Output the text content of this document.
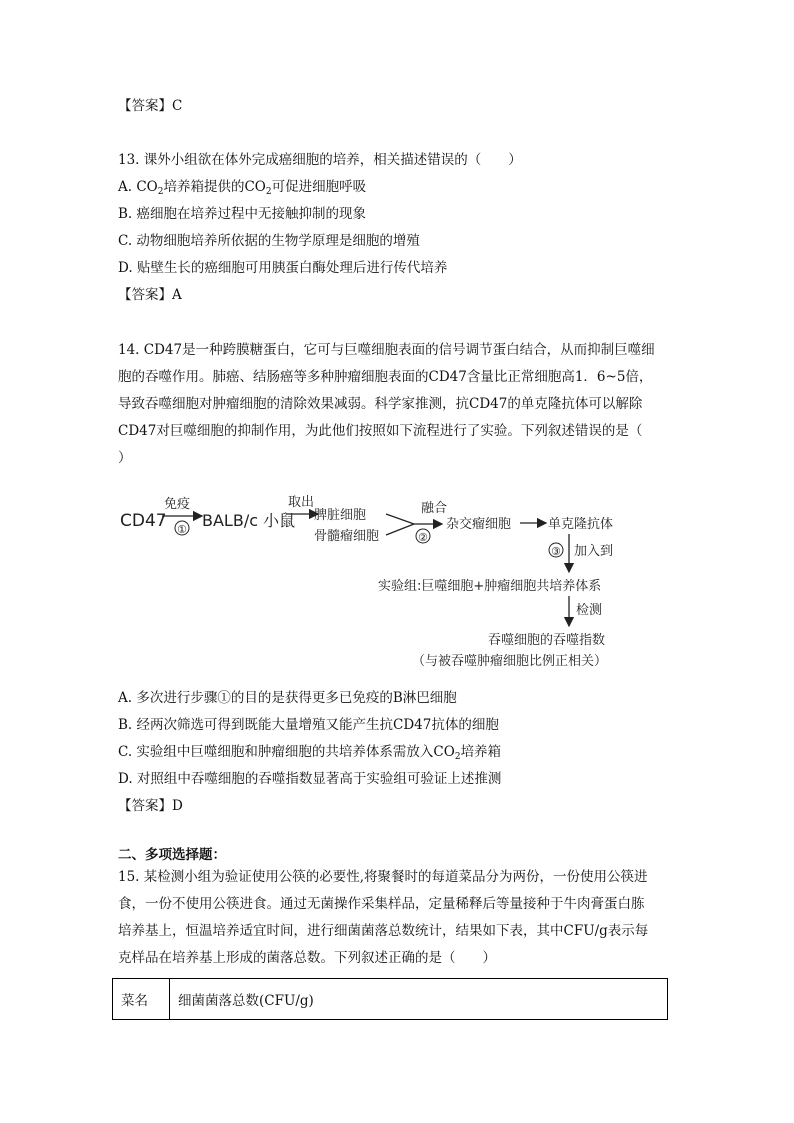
【答案】C
13. 课外小组欲在体外完成癌细胞的培养，相关描述错误的（　　）
A. $CO_2$培养箱提供的$CO_2$可促进细胞呼吸
B. 癌细胞在培养过程中无接触抑制的现象
C. 动物细胞培养所依据的生物学原理是细胞的增殖
D. 贴壁生长的癌细胞可用胰蛋白酶处理后进行传代培养
【答案】A
14. CD47是一种跨膜糖蛋白，它可与巨噬细胞表面的信号调节蛋白结合，从而抑制巨噬细
胞的吞噬作用。肺癌、结肠癌等多种肿瘤细胞表面的CD47含量比正常细胞高1．6~5倍，
导致吞噬细胞对肿瘤细胞的清除效果减弱。科学家推测，抗CD47的单克隆抗体可以解除
CD47对巨噬细胞的抑制作用，为此他们按照如下流程进行了实验。下列叙述错误的是（
）
CD47
免疫
① BALB/c 小鼠
取出
脾脏细胞
骨髓瘤细胞
融合
②
杂交瘤细胞	单克隆抗体
③ 加入到
实验组:巨噬细胞+肿瘤细胞共培养体系
检测
吞噬细胞的吞噬指数
（与被吞噬肿瘤细胞比例正相关）
A. 多次进行步骤①的目的是获得更多已免疫的B淋巴细胞
B. 经两次筛选可得到既能大量增殖又能产生抗CD47抗体的细胞
C. 实验组中巨噬细胞和肿瘤细胞的共培养体系需放入$CO_2$培养箱
D. 对照组中吞噬细胞的吞噬指数显著高于实验组可验证上述推测
【答案】D
二、多项选择题：
15. 某检测小组为验证使用公筷的必要性,将聚餐时的每道菜品分为两份，一份使用公筷进
食，一份不使用公筷进食。通过无菌操作采集样品，定量稀释后等量接种于牛肉膏蛋白胨
培养基上，恒温培养适宜时间，进行细菌菌落总数统计，结果如下表，其中CFU/g表示每
克样品在培养基上形成的菌落总数。下列叙述正确的是（　　）
菜名	细菌菌落总数(CFU/g)
